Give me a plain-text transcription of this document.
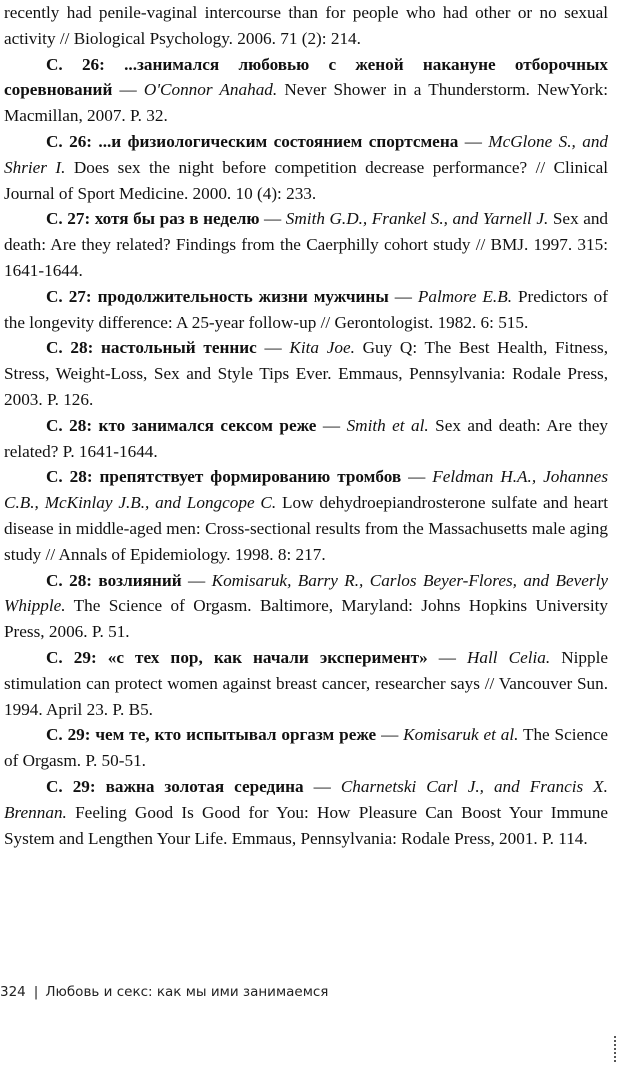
recently had penile-vaginal intercourse than for people who had other or no sexual activity // Biological Psychology. 2006. 71 (2): 214.

C. 26: ...занимался любовью с женой накануне отборочных соревнований — O'Connor Anahad. Never Shower in a Thunderstorm. NewYork: Macmillan, 2007. P. 32.

C. 26: ...и физиологическим состоянием спортсмена — McGlone S., and Shrier I. Does sex the night before competition decrease performance? // Clinical Journal of Sport Medicine. 2000. 10 (4): 233.

C. 27: хотя бы раз в неделю — Smith G.D., Frankel S., and Yarnell J. Sex and death: Are they related? Findings from the Caerphilly cohort study // BMJ. 1997. 315: 1641-1644.

C. 27: продолжительность жизни мужчины — Palmore E.B. Predictors of the longevity difference: A 25-year follow-up // Gerontologist. 1982. 6: 515.

C. 28: настольный теннис — Kita Joe. Guy Q: The Best Health, Fitness, Stress, Weight-Loss, Sex and Style Tips Ever. Emmaus, Pennsylvania: Rodale Press, 2003. P. 126.

C. 28: кто занимался сексом реже — Smith et al. Sex and death: Are they related? P. 1641-1644.

C. 28: препятствует формированию тромбов — Feldman H.A., Johannes C.B., McKinlay J.B., and Longcope C. Low dehydroepiandrosterone sulfate and heart disease in middle-aged men: Cross-sectional results from the Massachusetts male aging study // Annals of Epidemiology. 1998. 8: 217.

C. 28: возлияний — Komisaruk, Barry R., Carlos Beyer-Flores, and Beverly Whipple. The Science of Orgasm. Baltimore, Maryland: Johns Hopkins University Press, 2006. P. 51.

C. 29: «с тех пор, как начали эксперимент» — Hall Celia. Nipple stimulation can protect women against breast cancer, researcher says // Vancouver Sun. 1994. April 23. P. B5.

C. 29: чем те, кто испытывал оргазм реже — Komisaruk et al. The Science of Orgasm. P. 50-51.

C. 29: важна золотая середина — Charnetski Carl J., and Francis X. Brennan. Feeling Good Is Good for You: How Pleasure Can Boost Your Immune System and Lengthen Your Life. Emmaus, Pennsylvania: Rodale Press, 2001. P. 114.

324 | Любовь и секс: как мы ими занимаемся
